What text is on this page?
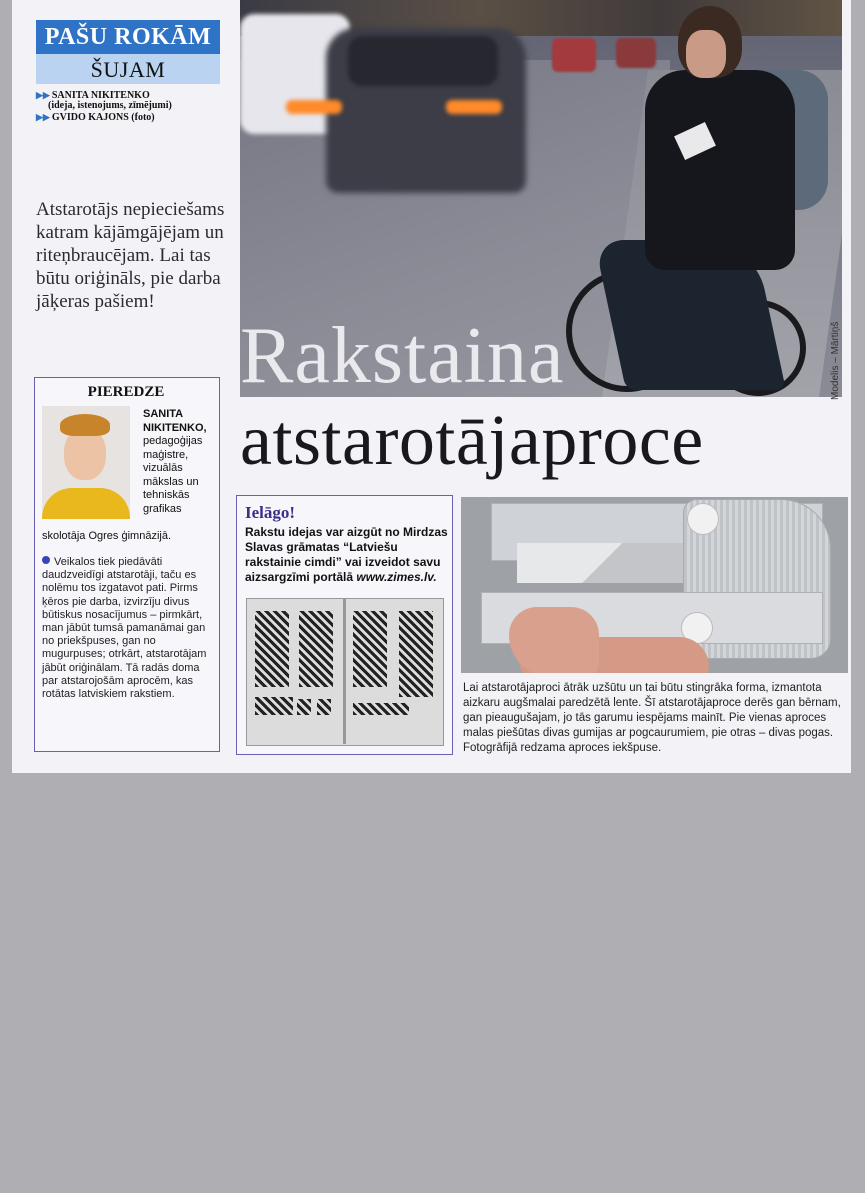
PAŠU ROKĀM
ŠUJAM
▶▶ SANITA NIKITENKO
(ideja, istenojums, zīmējumi)
▶▶ GVIDO KAJONS (foto)
Atstarotājs nepieciešams katram kājāmgājējam un riteņbraucējam. Lai tas būtu oriģināls, pie darba jāķeras pašiem!
Modelis – Mārtiņš
Rakstaina
atstarotājaproce
PIEREDZE
SANITA NIKITENKO, pedagoģijas maģistre, vizuālās mākslas un tehniskās grafikas
skolotāja Ogres ģimnāzijā.
Veikalos tiek piedāvāti daudzveidīgi atstarotāji, taču es nolēmu tos izgatavot pati. Pirms ķēros pie darba, izvirzīju divus būtiskus nosacījumus – pirmkārt, man jābūt tumsā pamanāmai gan no priekšpuses, gan no mugurpuses; otrkārt, atstarotājam jābūt oriģinālam. Tā radās doma par atstarojošām aprocēm, kas rotātas latviskiem rakstiem.
Ielāgo!
Rakstu idejas var aizgūt no Mirdzas Slavas grāmatas “Latviešu rakstainie cimdi” vai izveidot savu aizsargzīmi portālā www.zimes.lv.
Lai atstarotājaproci ātrāk uzšūtu un tai būtu stingrāka forma, izmantota aizkaru augšmalai paredzētā lente. Šī atstarotājaproce derēs gan bērnam, gan pieaugušajam, jo tās garumu iespējams mainīt. Pie vienas aproces malas piešūtas divas gumijas ar pogcaurumiem, pie otras – divas pogas. Fotogrāfijā redzama aproces iekšpuse.
